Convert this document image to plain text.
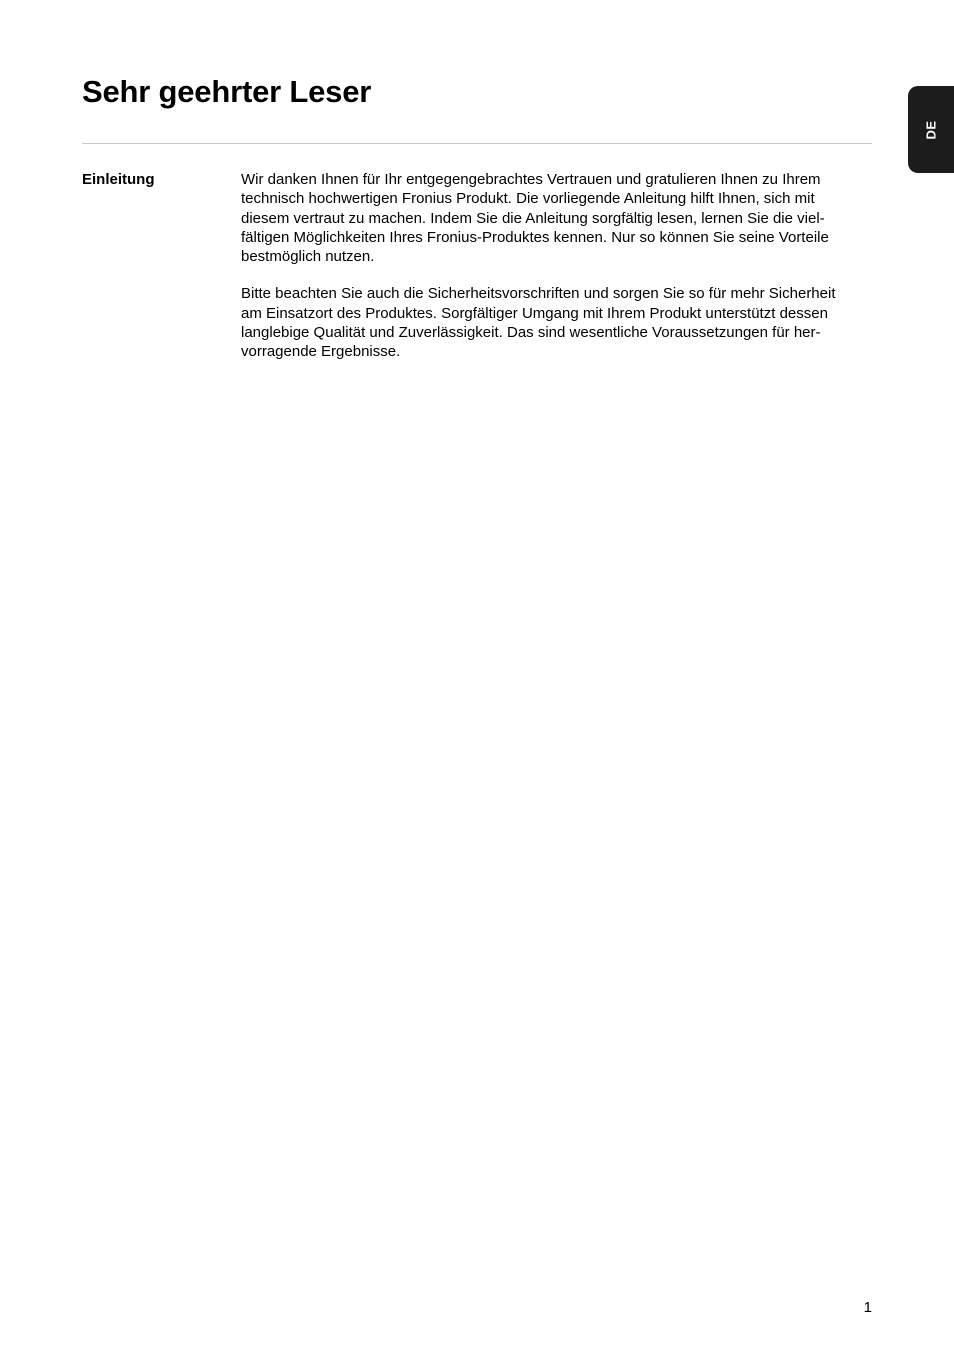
Sehr geehrter Leser
DE
Einleitung	Wir danken Ihnen für Ihr entgegengebrachtes Vertrauen und gratulieren Ihnen zu Ihrem
technisch hochwertigen Fronius Produkt. Die vorliegende Anleitung hilft Ihnen, sich mit
diesem vertraut zu machen. Indem Sie die Anleitung sorgfältig lesen, lernen Sie die viel-
fältigen Möglichkeiten Ihres Fronius-Produktes kennen. Nur so können Sie seine Vorteile
bestmöglich nutzen.

Bitte beachten Sie auch die Sicherheitsvorschriften und sorgen Sie so für mehr Sicherheit
am Einsatzort des Produktes. Sorgfältiger Umgang mit Ihrem Produkt unterstützt dessen
langlebige Qualität und Zuverlässigkeit. Das sind wesentliche Voraussetzungen für her-
vorragende Ergebnisse.

1
